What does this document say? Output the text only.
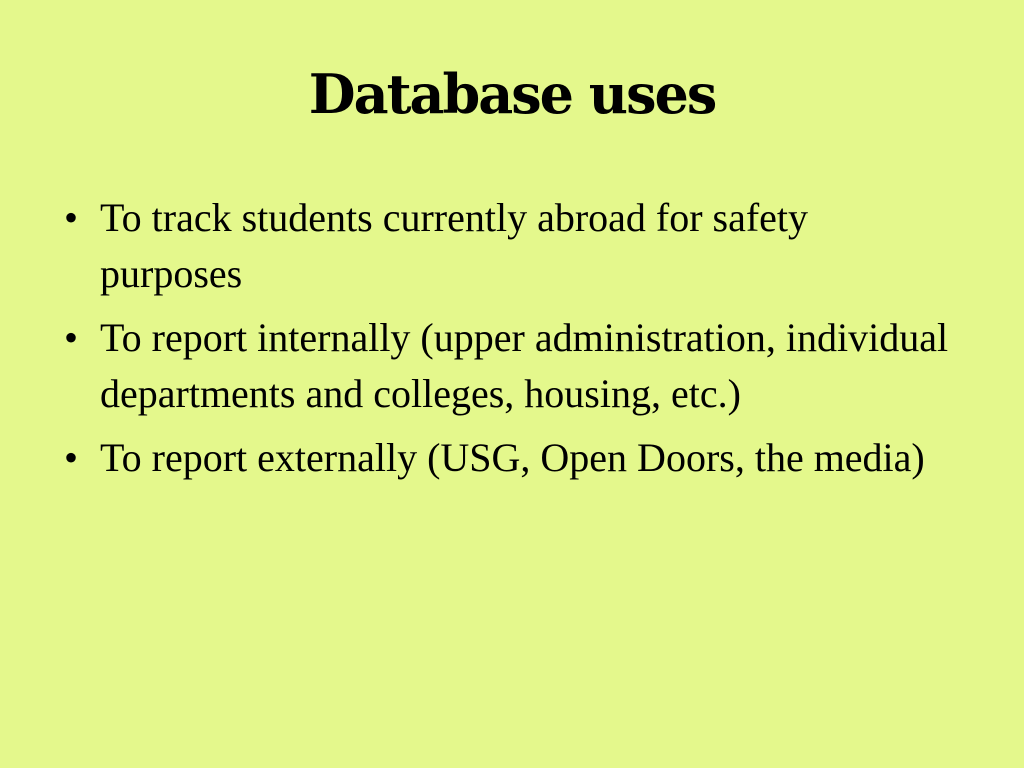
Database uses
• To track students currently abroad for safety purposes
• To report internally (upper administration, individual departments and colleges, housing, etc.)
• To report externally (USG, Open Doors, the media)
